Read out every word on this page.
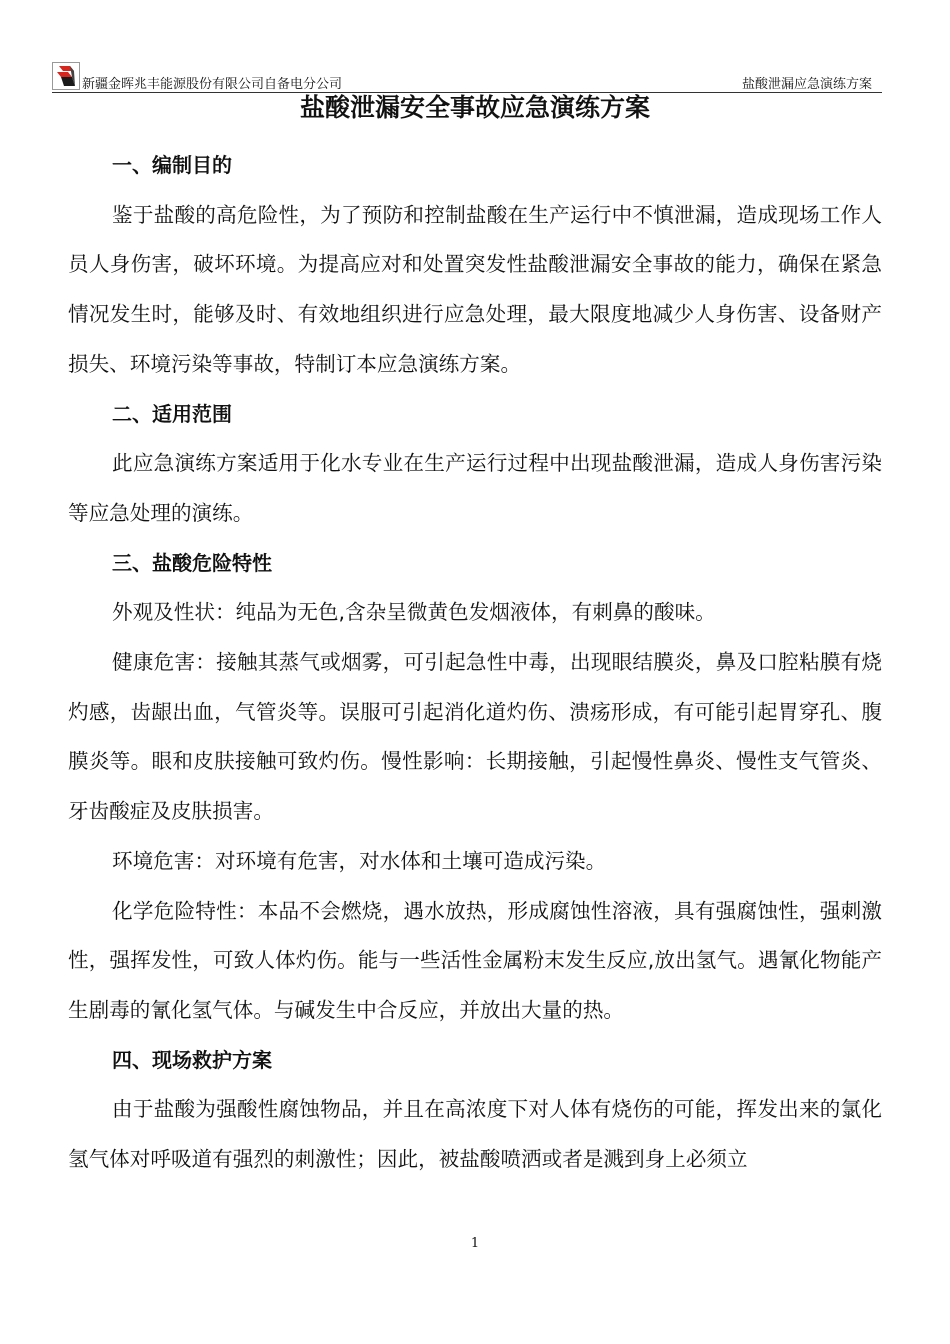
新疆金晖兆丰能源股份有限公司自备电分公司	盐酸泄漏应急演练方案
盐酸泄漏安全事故应急演练方案

一、编制目的

鉴于盐酸的高危险性，为了预防和控制盐酸在生产运行中不慎泄漏，造成现场工作人员人身伤害，破坏环境。为提高应对和处置突发性盐酸泄漏安全事故的能力，确保在紧急情况发生时，能够及时、有效地组织进行应急处理，最大限度地减少人身伤害、设备财产损失、环境污染等事故，特制订本应急演练方案。

二、适用范围

此应急演练方案适用于化水专业在生产运行过程中出现盐酸泄漏，造成人身伤害污染等应急处理的演练。

三、盐酸危险特性

外观及性状：纯品为无色,含杂呈微黄色发烟液体，有刺鼻的酸味。

健康危害：接触其蒸气或烟雾，可引起急性中毒，出现眼结膜炎，鼻及口腔粘膜有烧灼感，齿龈出血，气管炎等。误服可引起消化道灼伤、溃疡形成，有可能引起胃穿孔、腹膜炎等。眼和皮肤接触可致灼伤。慢性影响：长期接触，引起慢性鼻炎、慢性支气管炎、牙齿酸症及皮肤损害。

环境危害：对环境有危害，对水体和土壤可造成污染。

化学危险特性：本品不会燃烧，遇水放热，形成腐蚀性溶液，具有强腐蚀性，强刺激性，强挥发性，可致人体灼伤。能与一些活性金属粉末发生反应,放出氢气。遇氰化物能产生剧毒的氰化氢气体。与碱发生中合反应，并放出大量的热。

四、现场救护方案

由于盐酸为强酸性腐蚀物品，并且在高浓度下对人体有烧伤的可能，挥发出来的氯化氢气体对呼吸道有强烈的刺激性；因此，被盐酸喷洒或者是溅到身上必须立

1
